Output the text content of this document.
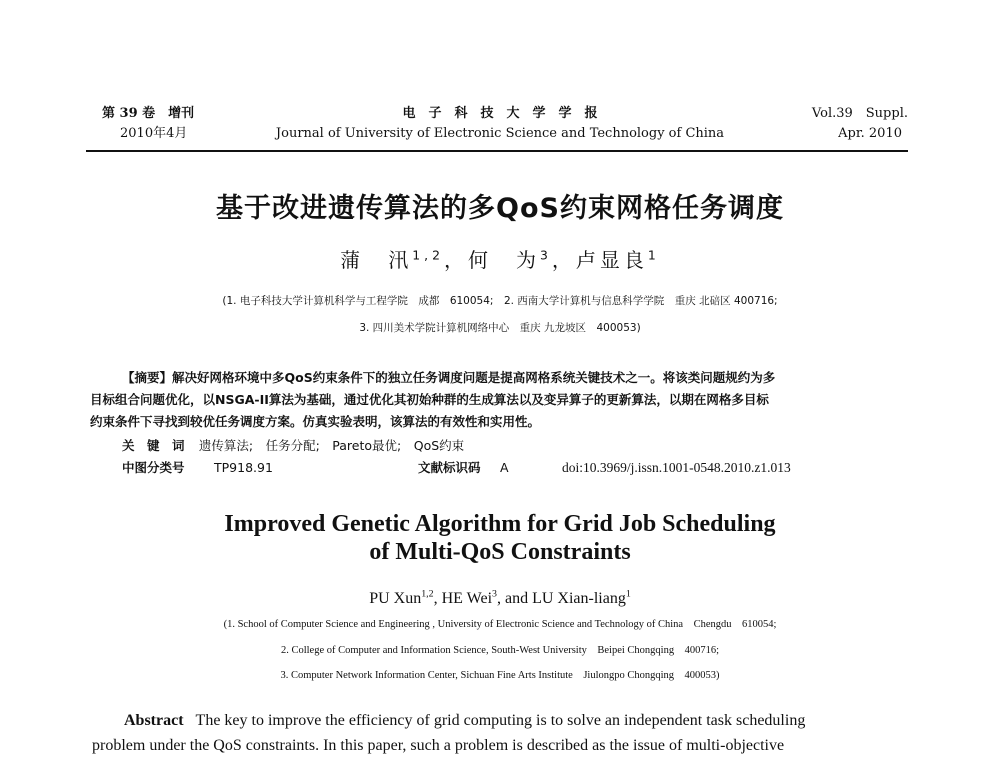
第 39 卷　增刊
2010年4月
电　子　科　技　大　学　学　报
Journal of University of Electronic Science and Technology of China
Vol.39　Suppl.
Apr. 2010
基于改进遗传算法的多QoS约束网格任务调度
蒲　汛$^{1,2}$，何　为$^3$，卢显良$^1$
(1. 电子科技大学计算机科学与工程学院　成都　610054;　2. 西南大学计算机与信息科学学院　重庆 北碚区 400716;
3. 四川美术学院计算机网络中心　重庆 九龙坡区　400053)
【摘要】解决好网格环境中多QoS约束条件下的独立任务调度问题是提高网格系统关键技术之一。将该类问题规约为多
目标组合问题优化，以NSGA-II算法为基础，通过优化其初始种群的生成算法以及变异算子的更新算法，以期在网格多目标
约束条件下寻找到较优任务调度方案。仿真实验表明，该算法的有效性和实用性。
关　键　词 遗传算法;　任务分配;　Pareto最优;　QoS约束
中图分类号 TP918.91	文献标识码 A	doi:10.3969/j.issn.1001-0548.2010.z1.013
Improved Genetic Algorithm for Grid Job Scheduling
of Multi-QoS Constraints
PU Xun$^{1,2}$, HE Wei$^3$, and LU Xian-liang$^1$
(1. School of Computer Science and Engineering , University of Electronic Science and Technology of China　Chengdu　610054;
2. College of Computer and Information Science, South-West University　Beipei Chongqing　400716;
3. Computer Network Information Center, Sichuan Fine Arts Institute　Jiulongpo Chongqing　400053)
Abstract The key to improve the efficiency of grid computing is to solve an independent task scheduling
problem under the QoS constraints. In this paper, such a problem is described as the issue of multi-objective
